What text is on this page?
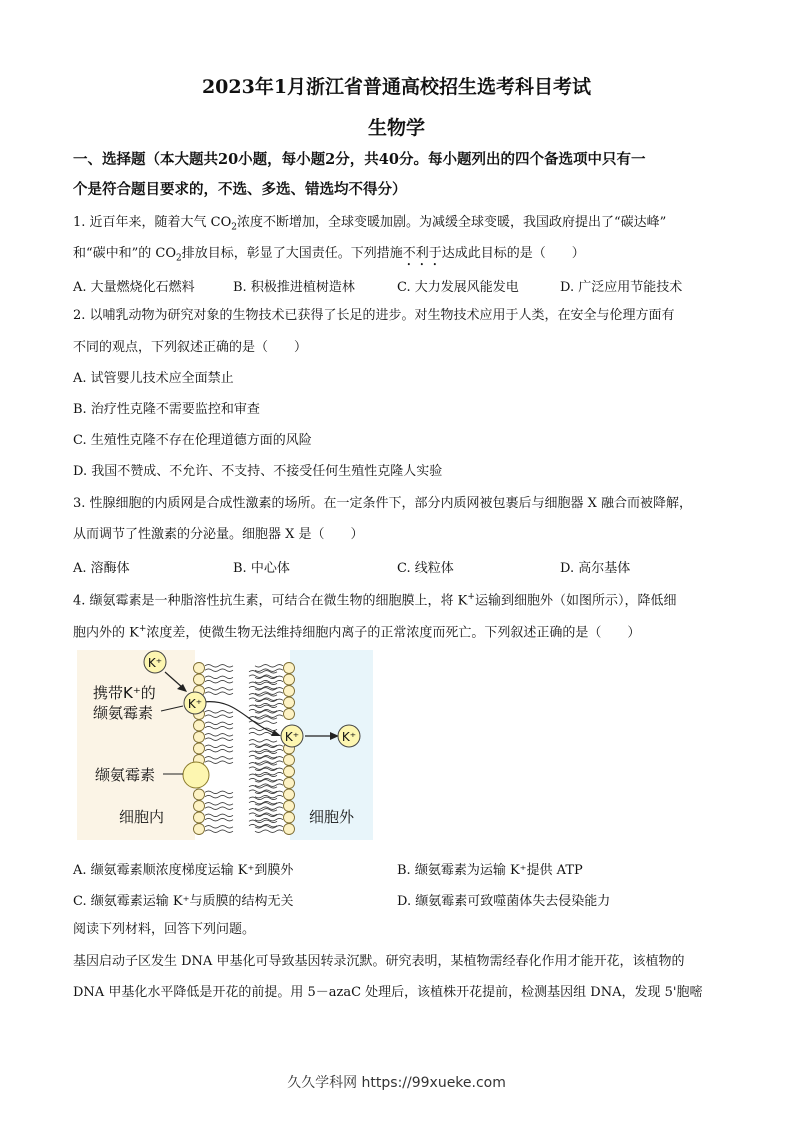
2023年1月浙江省普通高校招生选考科目考试
生物学
一、选择题（本大题共20小题，每小题2分，共40分。每小题列出的四个备选项中只有一
个是符合题目要求的，不选、多选、错选均不得分）
1. 近百年来，随着大气 $CO_2$浓度不断增加，全球变暖加剧。为减缓全球变暖，我国政府提出了“碳达峰”
和“碳中和”的 $CO_2$排放目标，彰显了大国责任。下列措施不利于达成此目标的是（　　）
A. 大量燃烧化石燃料	B. 积极推进植树造林	C. 大力发展风能发电	D. 广泛应用节能技术
2. 以哺乳动物为研究对象的生物技术已获得了长足的进步。对生物技术应用于人类，在安全与伦理方面有
不同的观点，下列叙述正确的是（　　）
A. 试管婴儿技术应全面禁止
B. 治疗性克隆不需要监控和审查
C. 生殖性克隆不存在伦理道德方面的风险
D. 我国不赞成、不允许、不支持、不接受任何生殖性克隆人实验
3. 性腺细胞的内质网是合成性激素的场所。在一定条件下，部分内质网被包裹后与细胞器 X 融合而被降解，
从而调节了性激素的分泌量。细胞器 X 是（　　）
A. 溶酶体	B. 中心体	C. 线粒体	D. 高尔基体
4. 缬氨霉素是一种脂溶性抗生素，可结合在微生物的细胞膜上，将 K+运输到细胞外（如图所示），降低细
胞内外的 K+浓度差，使微生物无法维持细胞内离子的正常浓度而死亡。下列叙述正确的是（　　）
K⁺
K⁺
K⁺	K⁺
携带K⁺的
缬氨霉素
缬氨霉素
细胞内	细胞外
A. 缬氨霉素顺浓度梯度运输 K⁺到膜外	B. 缬氨霉素为运输 K⁺提供 ATP
C. 缬氨霉素运输 K⁺与质膜的结构无关	D. 缬氨霉素可致噬菌体失去侵染能力
阅读下列材料，回答下列问题。
基因启动子区发生 DNA 甲基化可导致基因转录沉默。研究表明，某植物需经春化作用才能开花，该植物的
DNA 甲基化水平降低是开花的前提。用 5－azaC 处理后，该植株开花提前，检测基因组 DNA，发现 5'胞嘧
久久学科网 https://99xueke.com
